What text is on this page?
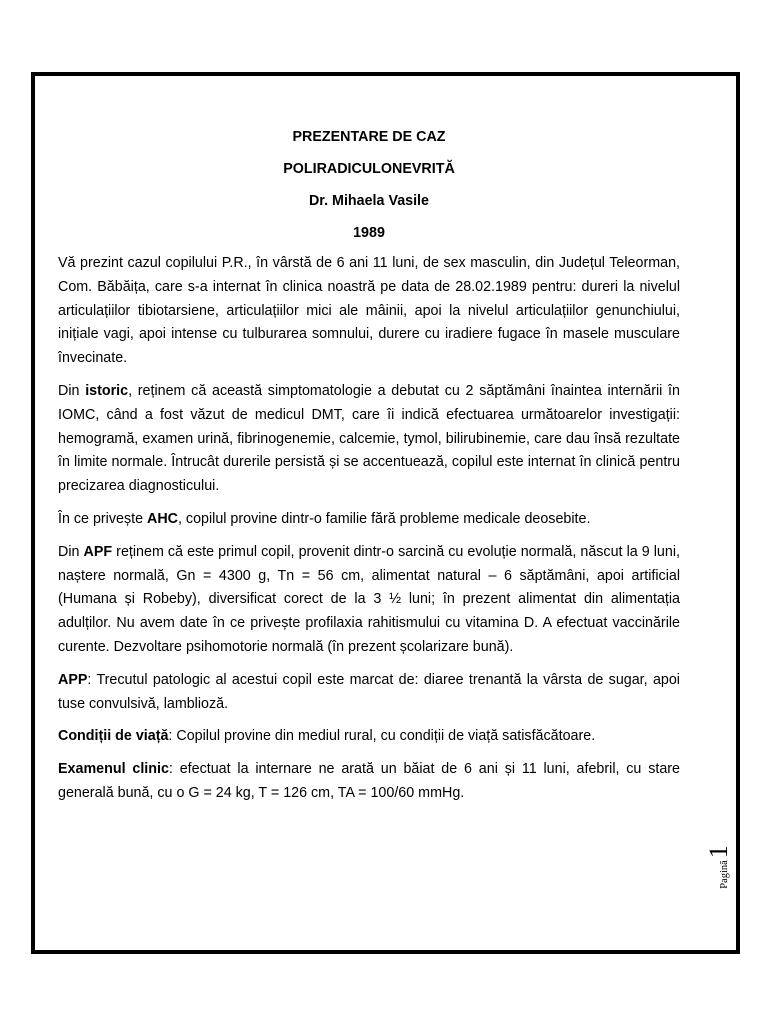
PREZENTARE DE CAZ
POLIRADICULONEVRITĂ
Dr. Mihaela Vasile
1989

Vă prezint cazul copilului P.R., în vârstă de 6 ani 11 luni, de sex masculin, din Județul Teleorman, Com. Băbăița, care s-a internat în clinica noastră pe data de 28.02.1989 pentru: dureri la nivelul articulațiilor tibiotarsiene, articulațiilor mici ale mâinii, apoi la nivelul articulațiilor genunchiului, inițiale vagi, apoi intense cu tulburarea somnului, durere cu iradiere fugace în masele musculare învecinate.

Din istoric, reținem că această simptomatologie a debutat cu 2 săptămâni înaintea internării în IOMC, când a fost văzut de medicul DMT, care îi indică efectuarea următoarelor investigații: hemogramă, examen urină, fibrinogenemie, calcemie, tymol, bilirubinemie, care dau însă rezultate în limite normale. Întrucât durerile persistă și se accentuează, copilul este internat în clinică pentru precizarea diagnosticului.

În ce privește AHC, copilul provine dintr-o familie fără probleme medicale deosebite.

Din APF reținem că este primul copil, provenit dintr-o sarcină cu evoluție normală, născut la 9 luni, naștere normală, Gn = 4300 g, Tn = 56 cm, alimentat natural – 6 săptămâni, apoi artificial (Humana și Robeby), diversificat corect de la 3 ½ luni; în prezent alimentat din alimentația adulților. Nu avem date în ce privește profilaxia rahitismului cu vitamina D. A efectuat vaccinările curente. Dezvoltare psihomotorie normală (în prezent școlarizare bună).

APP: Trecutul patologic al acestui copil este marcat de: diaree trenantă la vârsta de sugar, apoi tuse convulsivă, lamblioză.

Condiții de viață: Copilul provine din mediul rural, cu condiții de viață satisfăcătoare.

Examenul clinic: efectuat la internare ne arată un băiat de 6 ani și 11 luni, afebril, cu stare generală bună, cu o G = 24 kg, T = 126 cm, TA = 100/60 mmHg.

Pagină1
